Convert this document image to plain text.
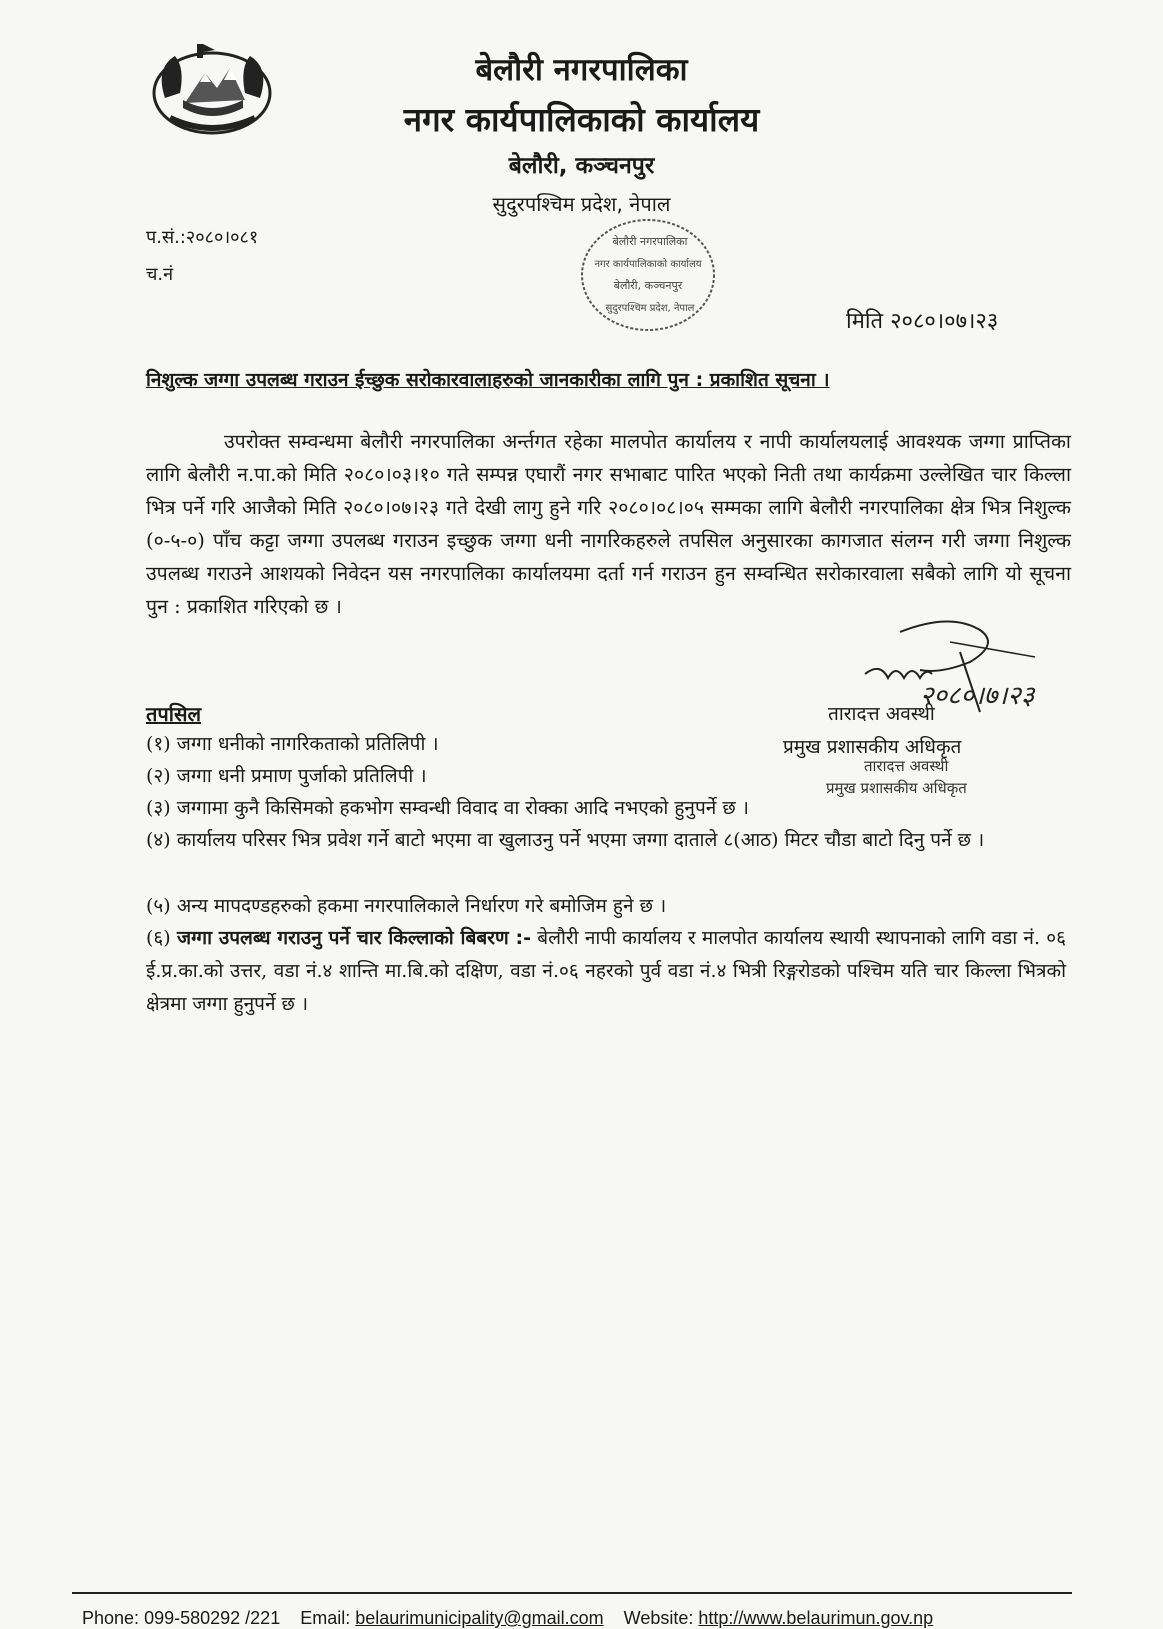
बेलौरी नगरपालिका
नगर कार्यपालिकाको कार्यालय
बेलौरी, कञ्चनपुर
सुदुरपश्चिम प्रदेश, नेपाल
प.सं.:२०८०।०८१
च.नं
मिति २०८०।०७।२३
बेलौरी नगरपालिका
नगर कार्यपालिकाको कार्यालय
बेलौरी, कञ्चनपुर
सुदुरपश्चिम प्रदेश, नेपाल
निशुल्क जग्गा उपलब्ध गराउन ईच्छुक सरोकारवालाहरुको जानकारीका लागि पुन : प्रकाशित सूचना ।
उपरोक्त सम्वन्धमा बेलौरी नगरपालिका अर्न्तगत रहेका मालपोत कार्यालय र नापी कार्यालयलाई आवश्यक जग्गा प्राप्तिका लागि बेलौरी न.पा.को मिति २०८०।०३।१० गते सम्पन्न एघारौं नगर सभाबाट पारित भएको निती तथा कार्यक्रमा उल्लेखित चार किल्ला भित्र पर्ने गरि आजैको मिति २०८०।०७।२३ गते देखी लागु हुने गरि २०८०।०८।०५ सम्मका लागि बेलौरी नगरपालिका क्षेत्र भित्र निशुल्क (०-५-०) पाँच कट्टा जग्गा उपलब्ध गराउन इच्छुक जग्गा धनी नागरिकहरुले तपसिल अनुसारका कागजात संलग्न गरी जग्गा निशुल्क उपलब्ध गराउने आशयको निवेदन यस नगरपालिका कार्यालयमा दर्ता गर्न गराउन हुन सम्वन्धित सरोकारवाला सबैको लागि यो सूचना पुन : प्रकाशित गरिएको छ ।
२०८०।७।२३
तारादत्त अवस्थी
प्रमुख प्रशासकीय अधिकृत
तारादत्त अवस्थी
प्रमुख प्रशासकीय अधिकृत
तपसिल
(१) जग्गा धनीको नागरिकताको प्रतिलिपी ।
(२) जग्गा धनी प्रमाण पुर्जाको प्रतिलिपी ।
(३) जग्गामा कुनै किसिमको हकभोग सम्वन्धी विवाद वा रोक्का आदि नभएको हुनुपर्ने छ ।
(४) कार्यालय परिसर भित्र प्रवेश गर्ने बाटो भएमा वा खुलाउनु पर्ने भएमा जग्गा दाताले ८(आठ) मिटर चौडा बाटो दिनु पर्ने छ ।
(५) अन्य मापदण्डहरुको हकमा नगरपालिकाले निर्धारण गरे बमोजिम हुने छ ।
(६) जग्गा उपलब्ध गराउनु पर्ने चार किल्लाको बिबरण :- बेलौरी नापी कार्यालय र मालपोत कार्यालय स्थायी स्थापनाको लागि वडा नं. ०६ ई.प्र.का.को उत्तर, वडा नं.४ शान्ति मा.बि.को दक्षिण, वडा नं.०६ नहरको पुर्व वडा नं.४ भित्री रिङ्गरोडको पश्चिम यति चार किल्ला भित्रको क्षेत्रमा जग्गा हुनुपर्ने छ ।
Phone: 099-580292 /221 Email: belaurimunicipality@gmail.com Website: http://www.belaurimun.gov.np
